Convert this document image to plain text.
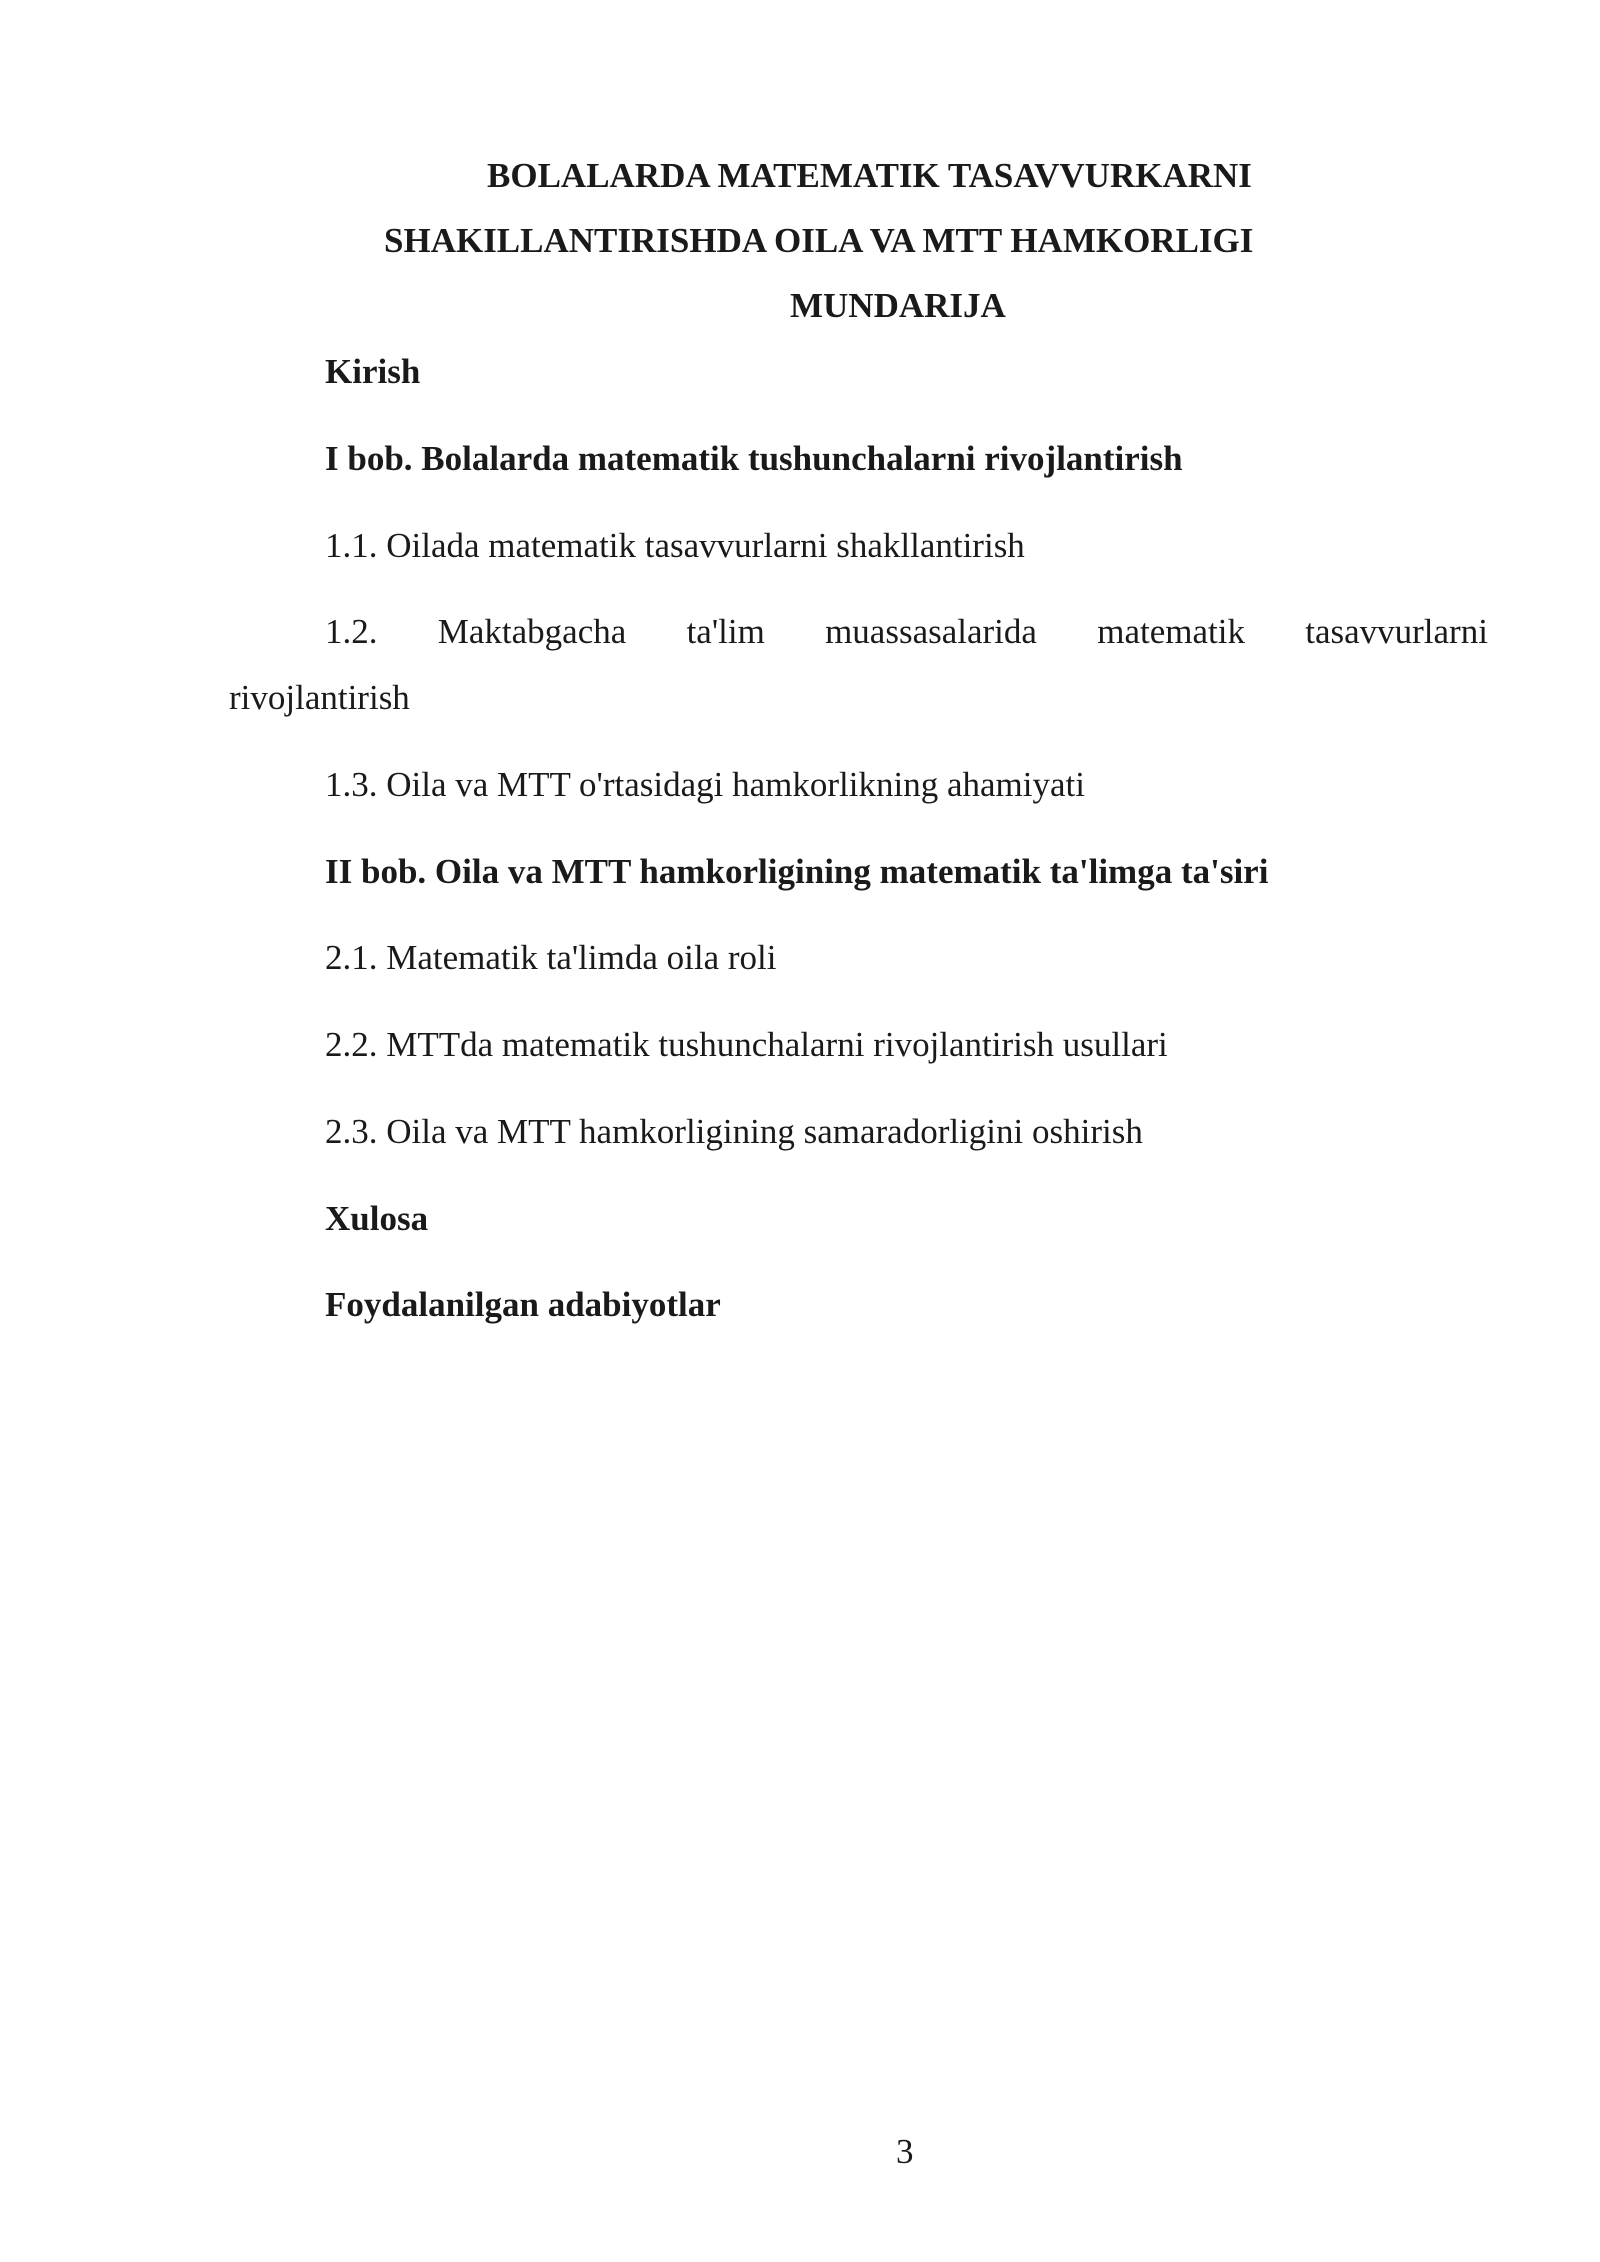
BOLALARDA MATEMATIK TASAVVURKARNI
SHAKILLANTIRISHDA OILA VA MTT HAMKORLIGI
MUNDARIJA
Kirish
I bob. Bolalarda matematik tushunchalarni rivojlantirish
1.1. Oilada matematik tasavvurlarni shakllantirish
1.2. Maktabgacha ta'lim muassasalarida matematik tasavvurlarni
rivojlantirish
1.3. Oila va MTT o'rtasidagi hamkorlikning ahamiyati
II bob. Oila va MTT hamkorligining matematik ta'limga ta'siri
2.1. Matematik ta'limda oila roli
2.2. MTTda matematik tushunchalarni rivojlantirish usullari
2.3. Oila va MTT hamkorligining samaradorligini oshirish
Xulosa
Foydalanilgan adabiyotlar
3
